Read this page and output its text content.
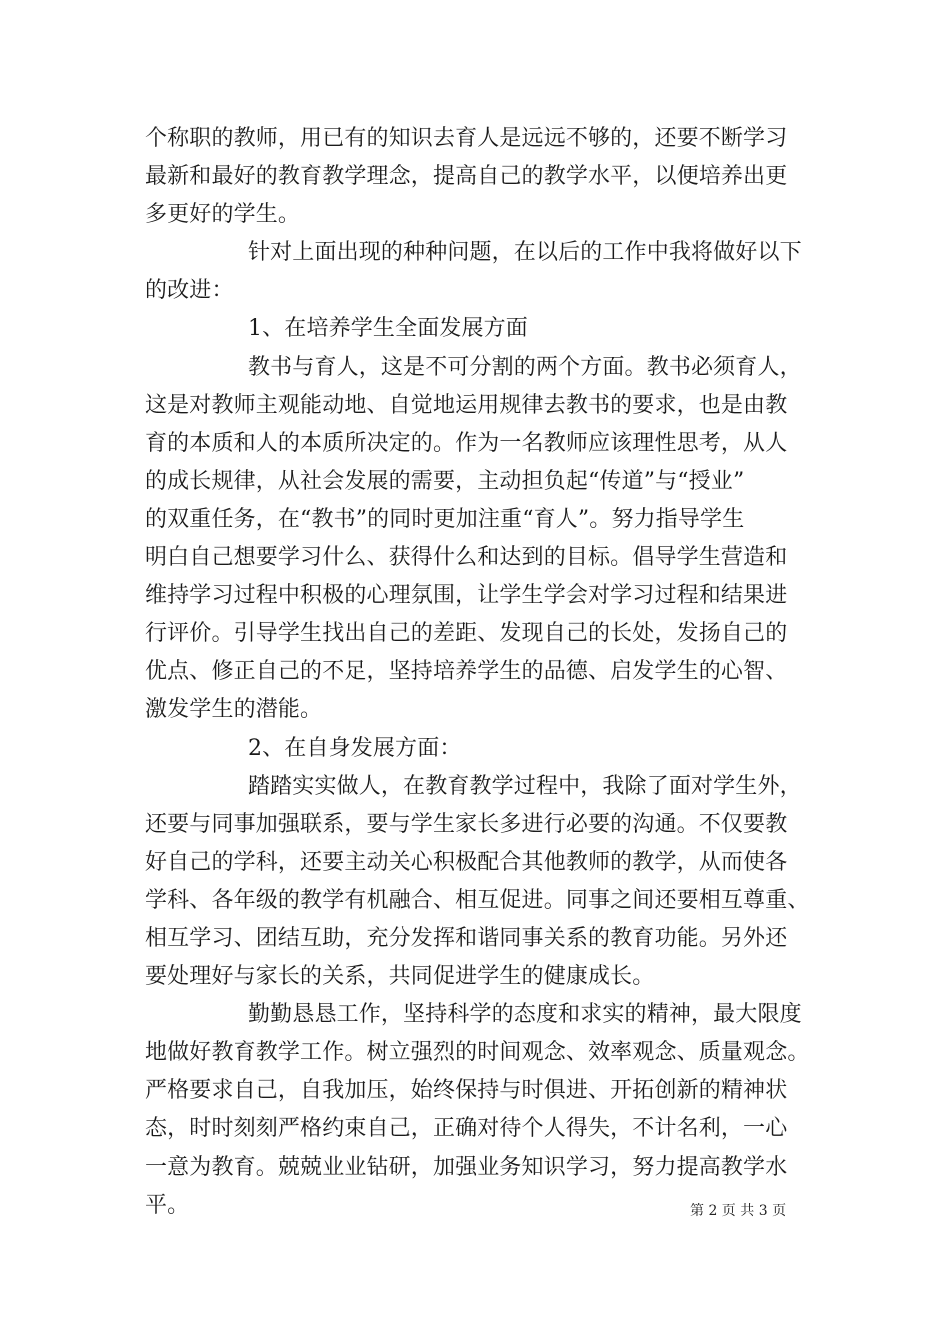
个称职的教师，用已有的知识去育人是远远不够的，还要不断学习
最新和最好的教育教学理念，提高自己的教学水平，以便培养出更
多更好的学生。
针对上面出现的种种问题，在以后的工作中我将做好以下
的改进：
1、在培养学生全面发展方面
教书与育人，这是不可分割的两个方面。教书必须育人，
这是对教师主观能动地、自觉地运用规律去教书的要求，也是由教
育的本质和人的本质所决定的。作为一名教师应该理性思考，从人
的成长规律，从社会发展的需要，主动担负起“传道”与“授业”
的双重任务，在“教书”的同时更加注重“育人”。努力指导学生
明白自己想要学习什么、获得什么和达到的目标。倡导学生营造和
维持学习过程中积极的心理氛围，让学生学会对学习过程和结果进
行评价。引导学生找出自己的差距、发现自己的长处，发扬自己的
优点、修正自己的不足，坚持培养学生的品德、启发学生的心智、
激发学生的潜能。
2、在自身发展方面：
踏踏实实做人，在教育教学过程中，我除了面对学生外，
还要与同事加强联系，要与学生家长多进行必要的沟通。不仅要教
好自己的学科，还要主动关心积极配合其他教师的教学，从而使各
学科、各年级的教学有机融合、相互促进。同事之间还要相互尊重、
相互学习、团结互助，充分发挥和谐同事关系的教育功能。另外还
要处理好与家长的关系，共同促进学生的健康成长。
勤勤恳恳工作，坚持科学的态度和求实的精神，最大限度
地做好教育教学工作。树立强烈的时间观念、效率观念、质量观念。
严格要求自己，自我加压，始终保持与时俱进、开拓创新的精神状
态，时时刻刻严格约束自己，正确对待个人得失，不计名利，一心
一意为教育。兢兢业业钻研，加强业务知识学习，努力提高教学水
平。	第 2 页 共 3 页
